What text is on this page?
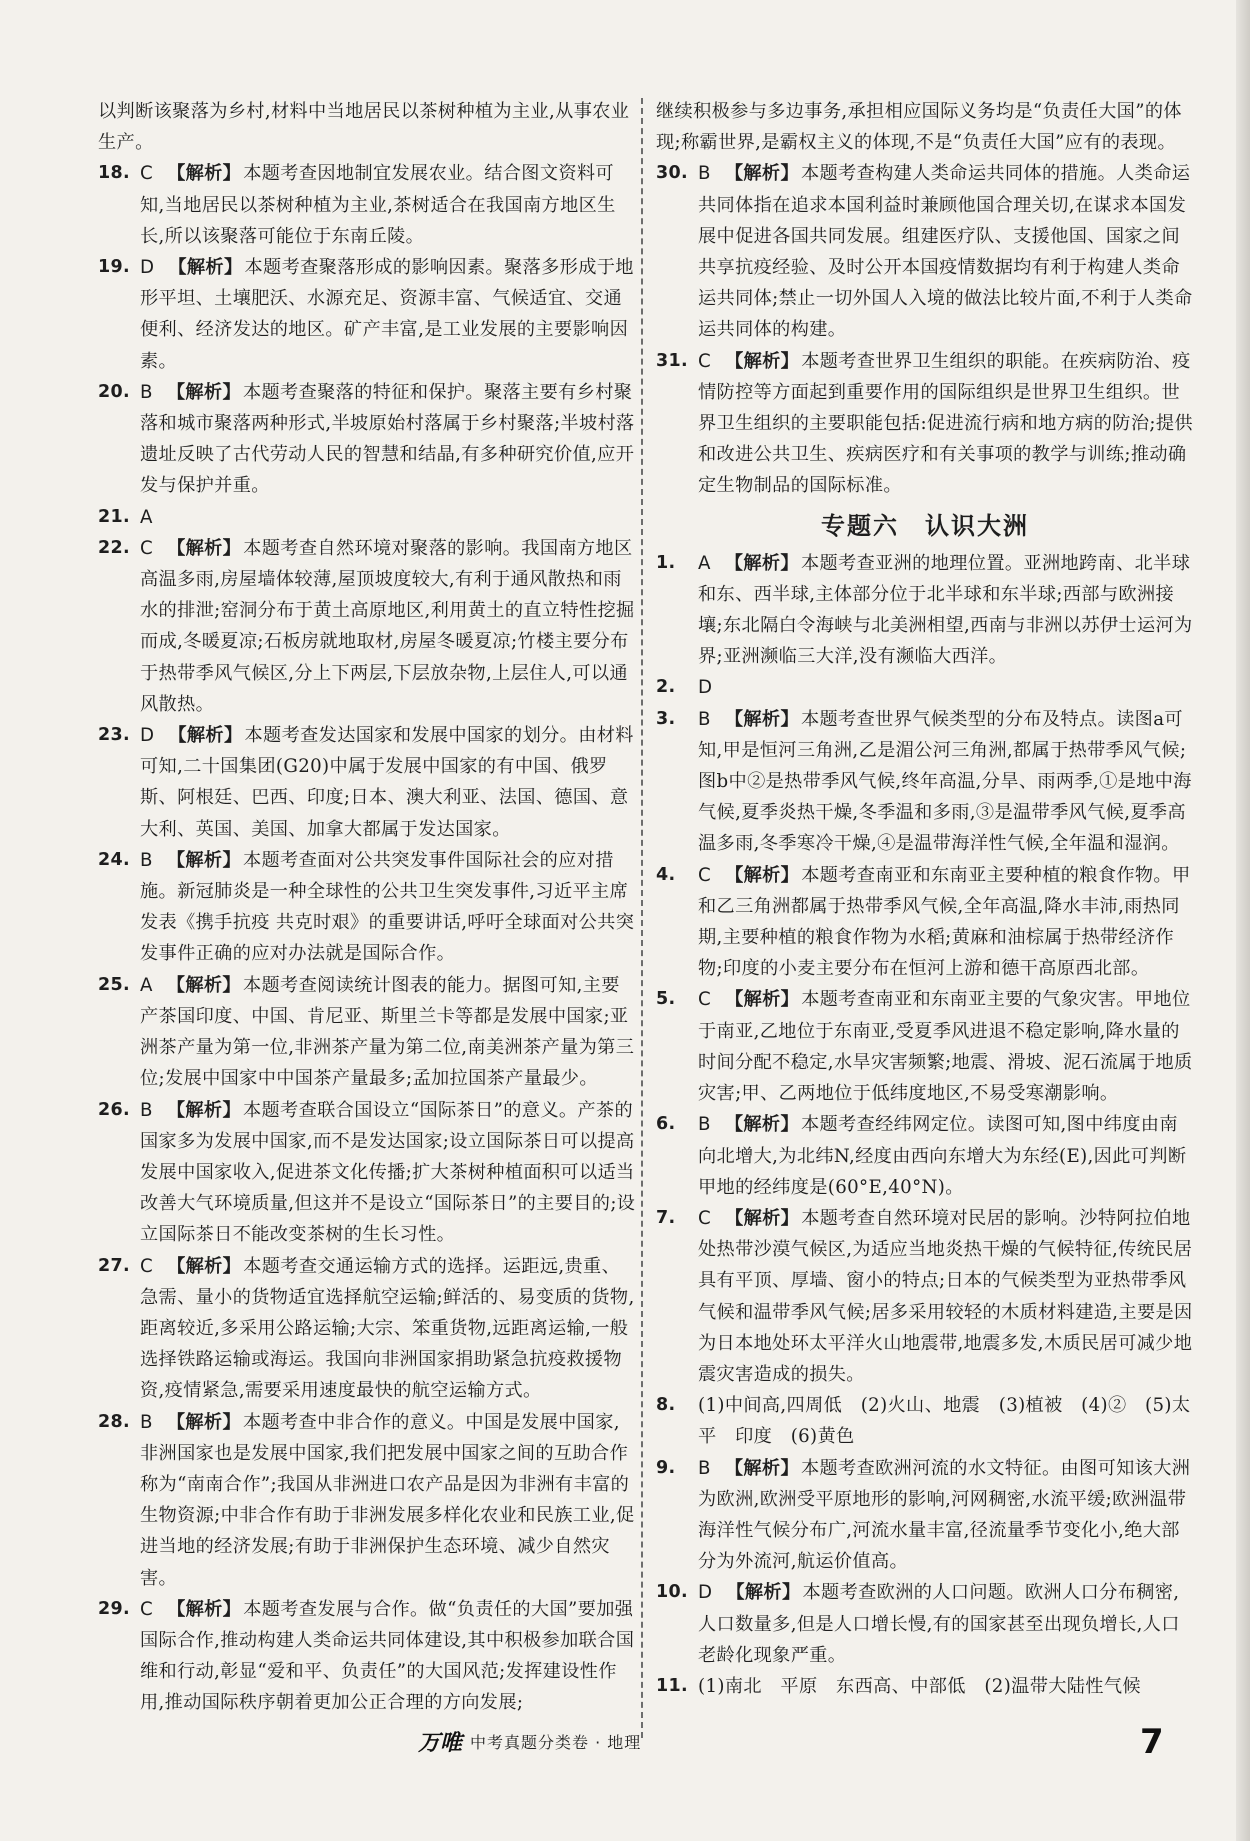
以判断该聚落为乡村,材料中当地居民以茶树种植为主业,从事农业生产。

18. C 【解析】 本题考查因地制宜发展农业。结合图文资料可知,当地居民以茶树种植为主业,茶树适合在我国南方地区生长,所以该聚落可能位于东南丘陵。

19. D 【解析】 本题考查聚落形成的影响因素。聚落多形成于地形平坦、土壤肥沃、水源充足、资源丰富、气候适宜、交通便利、经济发达的地区。矿产丰富,是工业发展的主要影响因素。

20. B 【解析】 本题考查聚落的特征和保护。聚落主要有乡村聚落和城市聚落两种形式,半坡原始村落属于乡村聚落;半坡村落遗址反映了古代劳动人民的智慧和结晶,有多种研究价值,应开发与保护并重。

21. A

22. C 【解析】 本题考查自然环境对聚落的影响。我国南方地区高温多雨,房屋墙体较薄,屋顶坡度较大,有利于通风散热和雨水的排泄;窑洞分布于黄土高原地区,利用黄土的直立特性挖掘而成,冬暖夏凉;石板房就地取材,房屋冬暖夏凉;竹楼主要分布于热带季风气候区,分上下两层,下层放杂物,上层住人,可以通风散热。

23. D 【解析】 本题考查发达国家和发展中国家的划分。由材料可知,二十国集团(G20)中属于发展中国家的有中国、俄罗斯、阿根廷、巴西、印度;日本、澳大利亚、法国、德国、意大利、英国、美国、加拿大都属于发达国家。

24. B 【解析】 本题考查面对公共突发事件国际社会的应对措施。新冠肺炎是一种全球性的公共卫生突发事件,习近平主席发表《携手抗疫 共克时艰》的重要讲话,呼吁全球面对公共突发事件正确的应对办法就是国际合作。

25. A 【解析】 本题考查阅读统计图表的能力。据图可知,主要产茶国印度、中国、肯尼亚、斯里兰卡等都是发展中国家;亚洲茶产量为第一位,非洲茶产量为第二位,南美洲茶产量为第三位;发展中国家中中国茶产量最多;孟加拉国茶产量最少。

26. B 【解析】 本题考查联合国设立“国际茶日”的意义。产茶的国家多为发展中国家,而不是发达国家;设立国际茶日可以提高发展中国家收入,促进茶文化传播;扩大茶树种植面积可以适当改善大气环境质量,但这并不是设立“国际茶日”的主要目的;设立国际茶日不能改变茶树的生长习性。

27. C 【解析】 本题考查交通运输方式的选择。运距远,贵重、急需、量小的货物适宜选择航空运输;鲜活的、易变质的货物,距离较近,多采用公路运输;大宗、笨重货物,远距离运输,一般选择铁路运输或海运。我国向非洲国家捐助紧急抗疫救援物资,疫情紧急,需要采用速度最快的航空运输方式。

28. B 【解析】 本题考查中非合作的意义。中国是发展中国家,非洲国家也是发展中国家,我们把发展中国家之间的互助合作称为“南南合作”;我国从非洲进口农产品是因为非洲有丰富的生物资源;中非合作有助于非洲发展多样化农业和民族工业,促进当地的经济发展;有助于非洲保护生态环境、减少自然灾害。

29. C 【解析】 本题考查发展与合作。做“负责任的大国”要加强国际合作,推动构建人类命运共同体建设,其中积极参加联合国维和行动,彰显“爱和平、负责任”的大国风范;发挥建设性作用,推动国际秩序朝着更加公正合理的方向发展;

继续积极参与多边事务,承担相应国际义务均是“负责任大国”的体现;称霸世界,是霸权主义的体现,不是“负责任大国”应有的表现。

30. B 【解析】 本题考查构建人类命运共同体的措施。人类命运共同体指在追求本国利益时兼顾他国合理关切,在谋求本国发展中促进各国共同发展。组建医疗队、支援他国、国家之间共享抗疫经验、及时公开本国疫情数据均有利于构建人类命运共同体;禁止一切外国人入境的做法比较片面,不利于人类命运共同体的构建。

31. C 【解析】 本题考查世界卫生组织的职能。在疾病防治、疫情防控等方面起到重要作用的国际组织是世界卫生组织。世界卫生组织的主要职能包括:促进流行病和地方病的防治;提供和改进公共卫生、疾病医疗和有关事项的教学与训练;推动确定生物制品的国际标准。

专题六　认识大洲

1. A 【解析】 本题考查亚洲的地理位置。亚洲地跨南、北半球和东、西半球,主体部分位于北半球和东半球;西部与欧洲接壤;东北隔白令海峡与北美洲相望,西南与非洲以苏伊士运河为界;亚洲濒临三大洋,没有濒临大西洋。

2. D

3. B 【解析】 本题考查世界气候类型的分布及特点。读图a可知,甲是恒河三角洲,乙是湄公河三角洲,都属于热带季风气候;图b中②是热带季风气候,终年高温,分旱、雨两季,①是地中海气候,夏季炎热干燥,冬季温和多雨,③是温带季风气候,夏季高温多雨,冬季寒冷干燥,④是温带海洋性气候,全年温和湿润。

4. C 【解析】 本题考查南亚和东南亚主要种植的粮食作物。甲和乙三角洲都属于热带季风气候,全年高温,降水丰沛,雨热同期,主要种植的粮食作物为水稻;黄麻和油棕属于热带经济作物;印度的小麦主要分布在恒河上游和德干高原西北部。

5. C 【解析】 本题考查南亚和东南亚主要的气象灾害。甲地位于南亚,乙地位于东南亚,受夏季风进退不稳定影响,降水量的时间分配不稳定,水旱灾害频繁;地震、滑坡、泥石流属于地质灾害;甲、乙两地位于低纬度地区,不易受寒潮影响。

6. B 【解析】 本题考查经纬网定位。读图可知,图中纬度由南向北增大,为北纬N,经度由西向东增大为东经(E),因此可判断甲地的经纬度是(60°E,40°N)。

7. C 【解析】 本题考查自然环境对民居的影响。沙特阿拉伯地处热带沙漠气候区,为适应当地炎热干燥的气候特征,传统民居具有平顶、厚墙、窗小的特点;日本的气候类型为亚热带季风气候和温带季风气候;居多采用较轻的木质材料建造,主要是因为日本地处环太平洋火山地震带,地震多发,木质民居可减少地震灾害造成的损失。

8. (1)中间高,四周低　(2)火山、地震　(3)植被　(4)②　(5)太平　印度　(6)黄色

9. B 【解析】 本题考查欧洲河流的水文特征。由图可知该大洲为欧洲,欧洲受平原地形的影响,河网稠密,水流平缓;欧洲温带海洋性气候分布广,河流水量丰富,径流量季节变化小,绝大部分为外流河,航运价值高。

10. D 【解析】 本题考查欧洲的人口问题。欧洲人口分布稠密,人口数量多,但是人口增长慢,有的国家甚至出现负增长,人口老龄化现象严重。

11. (1)南北　平原　东西高、中部低　(2)温带大陆性气候

万唯 中考真题分类卷 · 地理	7
